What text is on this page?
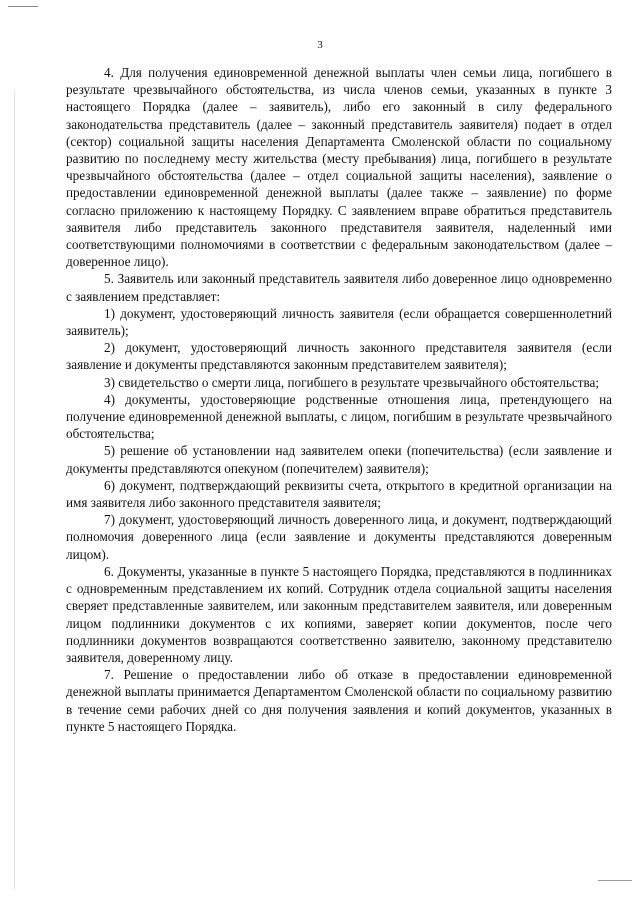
3

4. Для получения единовременной денежной выплаты член семьи лица, погибшего в результате чрезвычайного обстоятельства, из числа членов семьи, указанных в пункте 3 настоящего Порядка (далее – заявитель), либо его законный в силу федерального законодательства представитель (далее – законный представитель заявителя) подает в отдел (сектор) социальной защиты населения Департамента Смоленской области по социальному развитию по последнему месту жительства (месту пребывания) лица, погибшего в результате чрезвычайного обстоятельства (далее – отдел социальной защиты населения), заявление о предоставлении единовременной денежной выплаты (далее также – заявление) по форме согласно приложению к настоящему Порядку. С заявлением вправе обратиться представитель заявителя либо представитель законного представителя заявителя, наделенный ими соответствующими полномочиями в соответствии с федеральным законодательством (далее – доверенное лицо).

5. Заявитель или законный представитель заявителя либо доверенное лицо одновременно с заявлением представляет:

1) документ, удостоверяющий личность заявителя (если обращается совершеннолетний заявитель);

2) документ, удостоверяющий личность законного представителя заявителя (если заявление и документы представляются законным представителем заявителя);

3) свидетельство о смерти лица, погибшего в результате чрезвычайного обстоятельства;

4) документы, удостоверяющие родственные отношения лица, претендующего на получение единовременной денежной выплаты, с лицом, погибшим в результате чрезвычайного обстоятельства;

5) решение об установлении над заявителем опеки (попечительства) (если заявление и документы представляются опекуном (попечителем) заявителя);

6) документ, подтверждающий реквизиты счета, открытого в кредитной организации на имя заявителя либо законного представителя заявителя;

7) документ, удостоверяющий личность доверенного лица, и документ, подтверждающий полномочия доверенного лица (если заявление и документы представляются доверенным лицом).

6. Документы, указанные в пункте 5 настоящего Порядка, представляются в подлинниках с одновременным представлением их копий. Сотрудник отдела социальной защиты населения сверяет представленные заявителем, или законным представителем заявителя, или доверенным лицом подлинники документов с их копиями, заверяет копии документов, после чего подлинники документов возвращаются соответственно заявителю, законному представителю заявителя, доверенному лицу.

7. Решение о предоставлении либо об отказе в предоставлении единовременной денежной выплаты принимается Департаментом Смоленской области по социальному развитию в течение семи рабочих дней со дня получения заявления и копий документов, указанных в пункте 5 настоящего Порядка.
